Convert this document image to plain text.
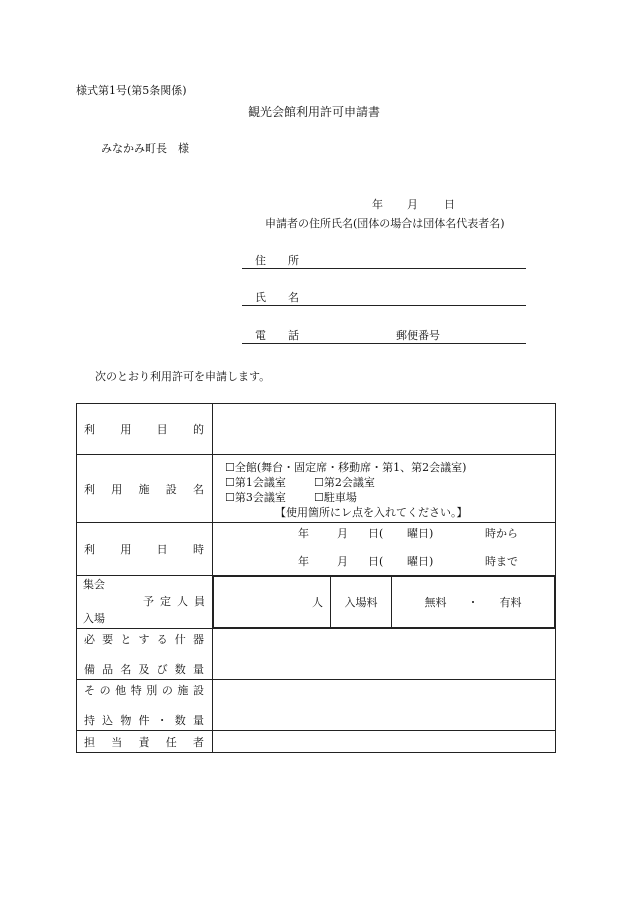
様式第1号(第5条関係)
観光会館利用許可申請書
みなかみ町長　様
年 月 日
申請者の住所氏名(団体の場合は団体名代表者名)
住　　所
氏　　名
電　　話	郵便番号
次のとおり利用許可を申請します。
利 用 目 的

利 用 施 設 名

☐全館(舞台・固定席・移動席・第1、第2会議室)
☐第1会議室	☐第2会議室
☐第3会議室	☐駐車場
【使用箇所にレ点を入れてください。】

利 用 日 時

年	月 日( 曜日)	時から
年	月 日( 曜日)	時まで

集会
予 定 人 員
入場

人	入場料	無料 ・ 有料

必 要 と す る 什 器
備 品 名 及 び 数 量

そ の 他 特 別 の 施 設
持 込 物 件 ・ 数 量

担 当 責 任 者
